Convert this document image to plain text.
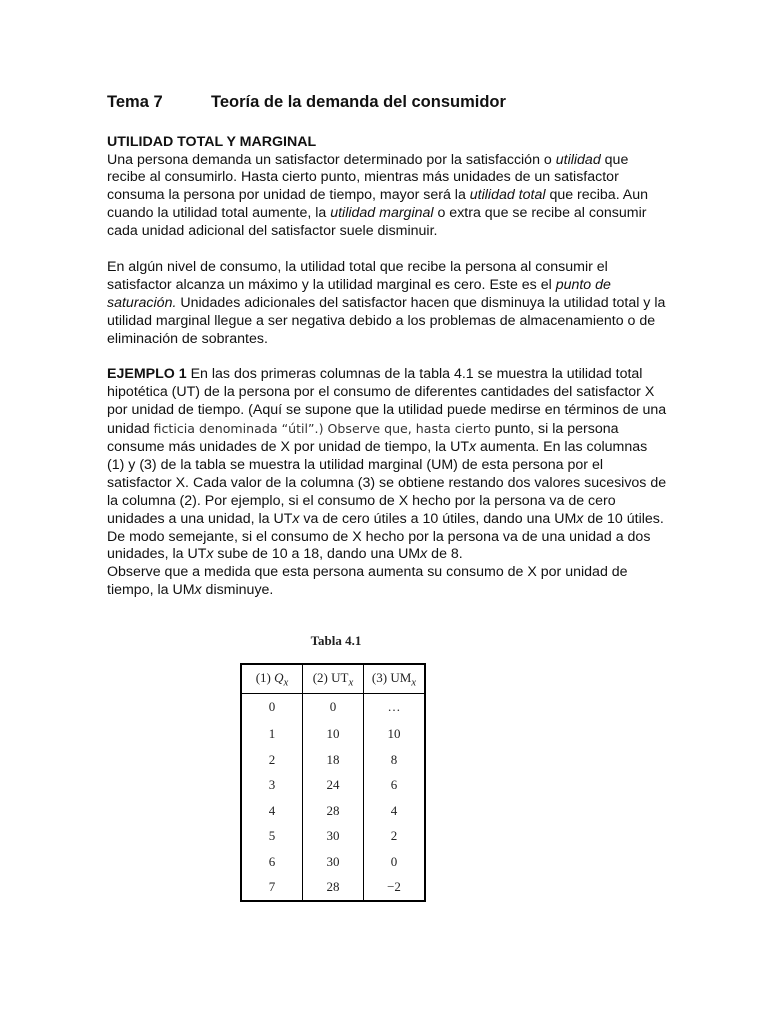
Tema 7	Teoría de la demanda del consumidor
UTILIDAD TOTAL Y MARGINAL

Una persona demanda un satisfactor determinado por la satisfacción o utilidad que recibe al consumirlo. Hasta cierto punto, mientras más unidades de un satisfactor consuma la persona por unidad de tiempo, mayor será la utilidad total que reciba. Aun cuando la utilidad total aumente, la utilidad marginal o extra que se recibe al consumir cada unidad adicional del satisfactor suele disminuir.

En algún nivel de consumo, la utilidad total que recibe la persona al consumir el satisfactor alcanza un máximo y la utilidad marginal es cero. Este es el punto de saturación. Unidades adicionales del satisfactor hacen que disminuya la utilidad total y la utilidad marginal llegue a ser negativa debido a los problemas de almacenamiento o de eliminación de sobrantes.

EJEMPLO 1 En las dos primeras columnas de la tabla 4.1 se muestra la utilidad total hipotética (UT) de la persona por el consumo de diferentes cantidades del satisfactor X por unidad de tiempo. (Aquí se supone que la utilidad puede medirse en términos de una unidad ficticia denominada “útil”.) Observe que, hasta cierto punto, si la persona consume más unidades de X por unidad de tiempo, la UTx aumenta. En las columnas (1) y (3) de la tabla se muestra la utilidad marginal (UM) de esta persona por el satisfactor X. Cada valor de la columna (3) se obtiene restando dos valores sucesivos de la columna (2). Por ejemplo, si el consumo de X hecho por la persona va de cero unidades a una unidad, la UTx va de cero útiles a 10 útiles, dando una UMx de 10 útiles. De modo semejante, si el consumo de X hecho por la persona va de una unidad a dos unidades, la UTx sube de 10 a 18, dando una UMx de 8.

Observe que a medida que esta persona aumenta su consumo de X por unidad de tiempo, la UMx disminuye.

Tabla 4.1
(1) $Q_x$	(2) $UT_x$	(3) $UM_x$
0	0	…
1	10	10
2	18	8
3	24	6
4	28	4
5	30	2
6	30	0
7	28	−2
